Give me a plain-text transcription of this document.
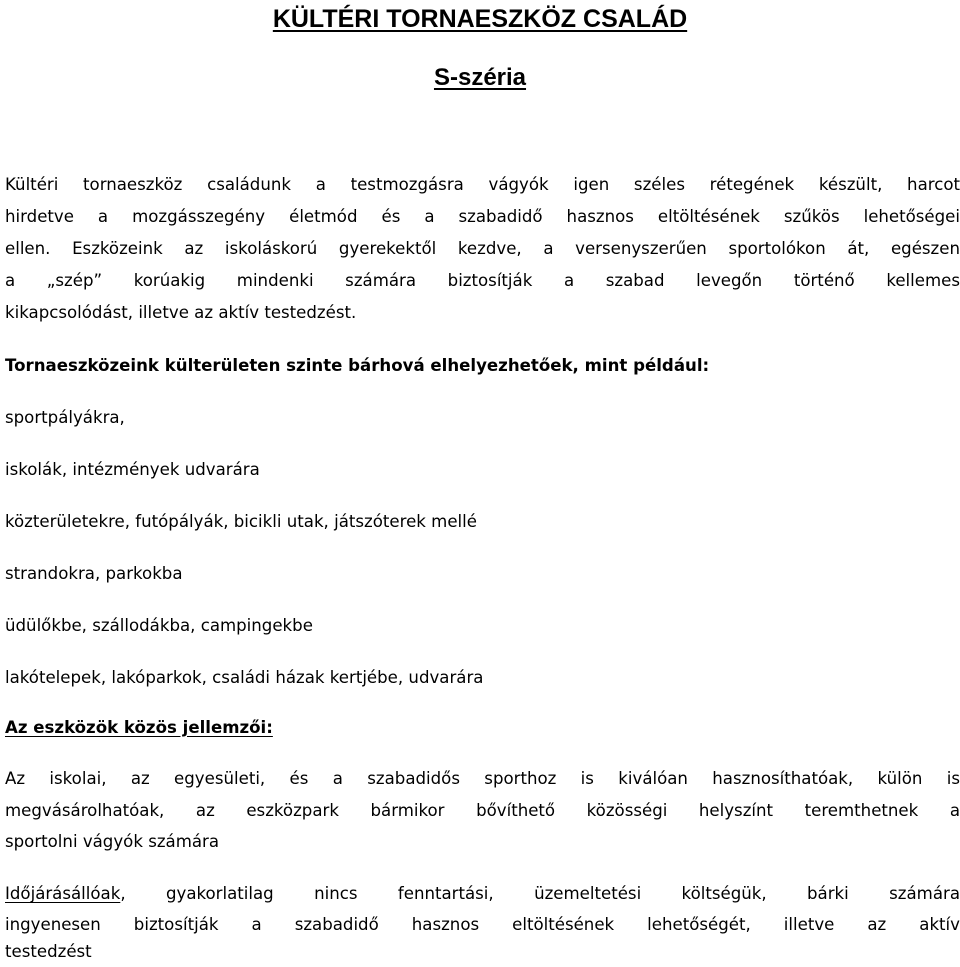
KÜLTÉRI TORNAESZKÖZ CSALÁD
S-széria
Kültéri tornaeszköz családunk a testmozgásra vágyók igen széles rétegének készült, harcot
hirdetve a mozgásszegény életmód és a szabadidő hasznos eltöltésének szűkös lehetőségei
ellen. Eszközeink az iskoláskorú gyerekektől kezdve, a versenyszerűen sportolókon át, egészen
a „szép” korúakig mindenki számára biztosítják a szabad levegőn történő kellemes
kikapcsolódást, illetve az aktív testedzést.
Tornaeszközeink külterületen szinte bárhová elhelyezhetőek, mint például:
sportpályákra,
iskolák, intézmények udvarára
közterületekre, futópályák, bicikli utak, játszóterek mellé
strandokra, parkokba
üdülőkbe, szállodákba, campingekbe
lakótelepek, lakóparkok, családi házak kertjébe, udvarára
Az eszközök közös jellemzői:
Az iskolai, az egyesületi, és a szabadidős sporthoz is kiválóan hasznosíthatóak, külön is
megvásárolhatóak, az eszközpark bármikor bővíthető közösségi helyszínt teremthetnek a
sportolni vágyók számára
Időjárásállóak, gyakorlatilag nincs fenntartási, üzemeltetési költségük, bárki számára
ingyenesen biztosítják a szabadidő hasznos eltöltésének lehetőségét, illetve az aktív
testedzést
